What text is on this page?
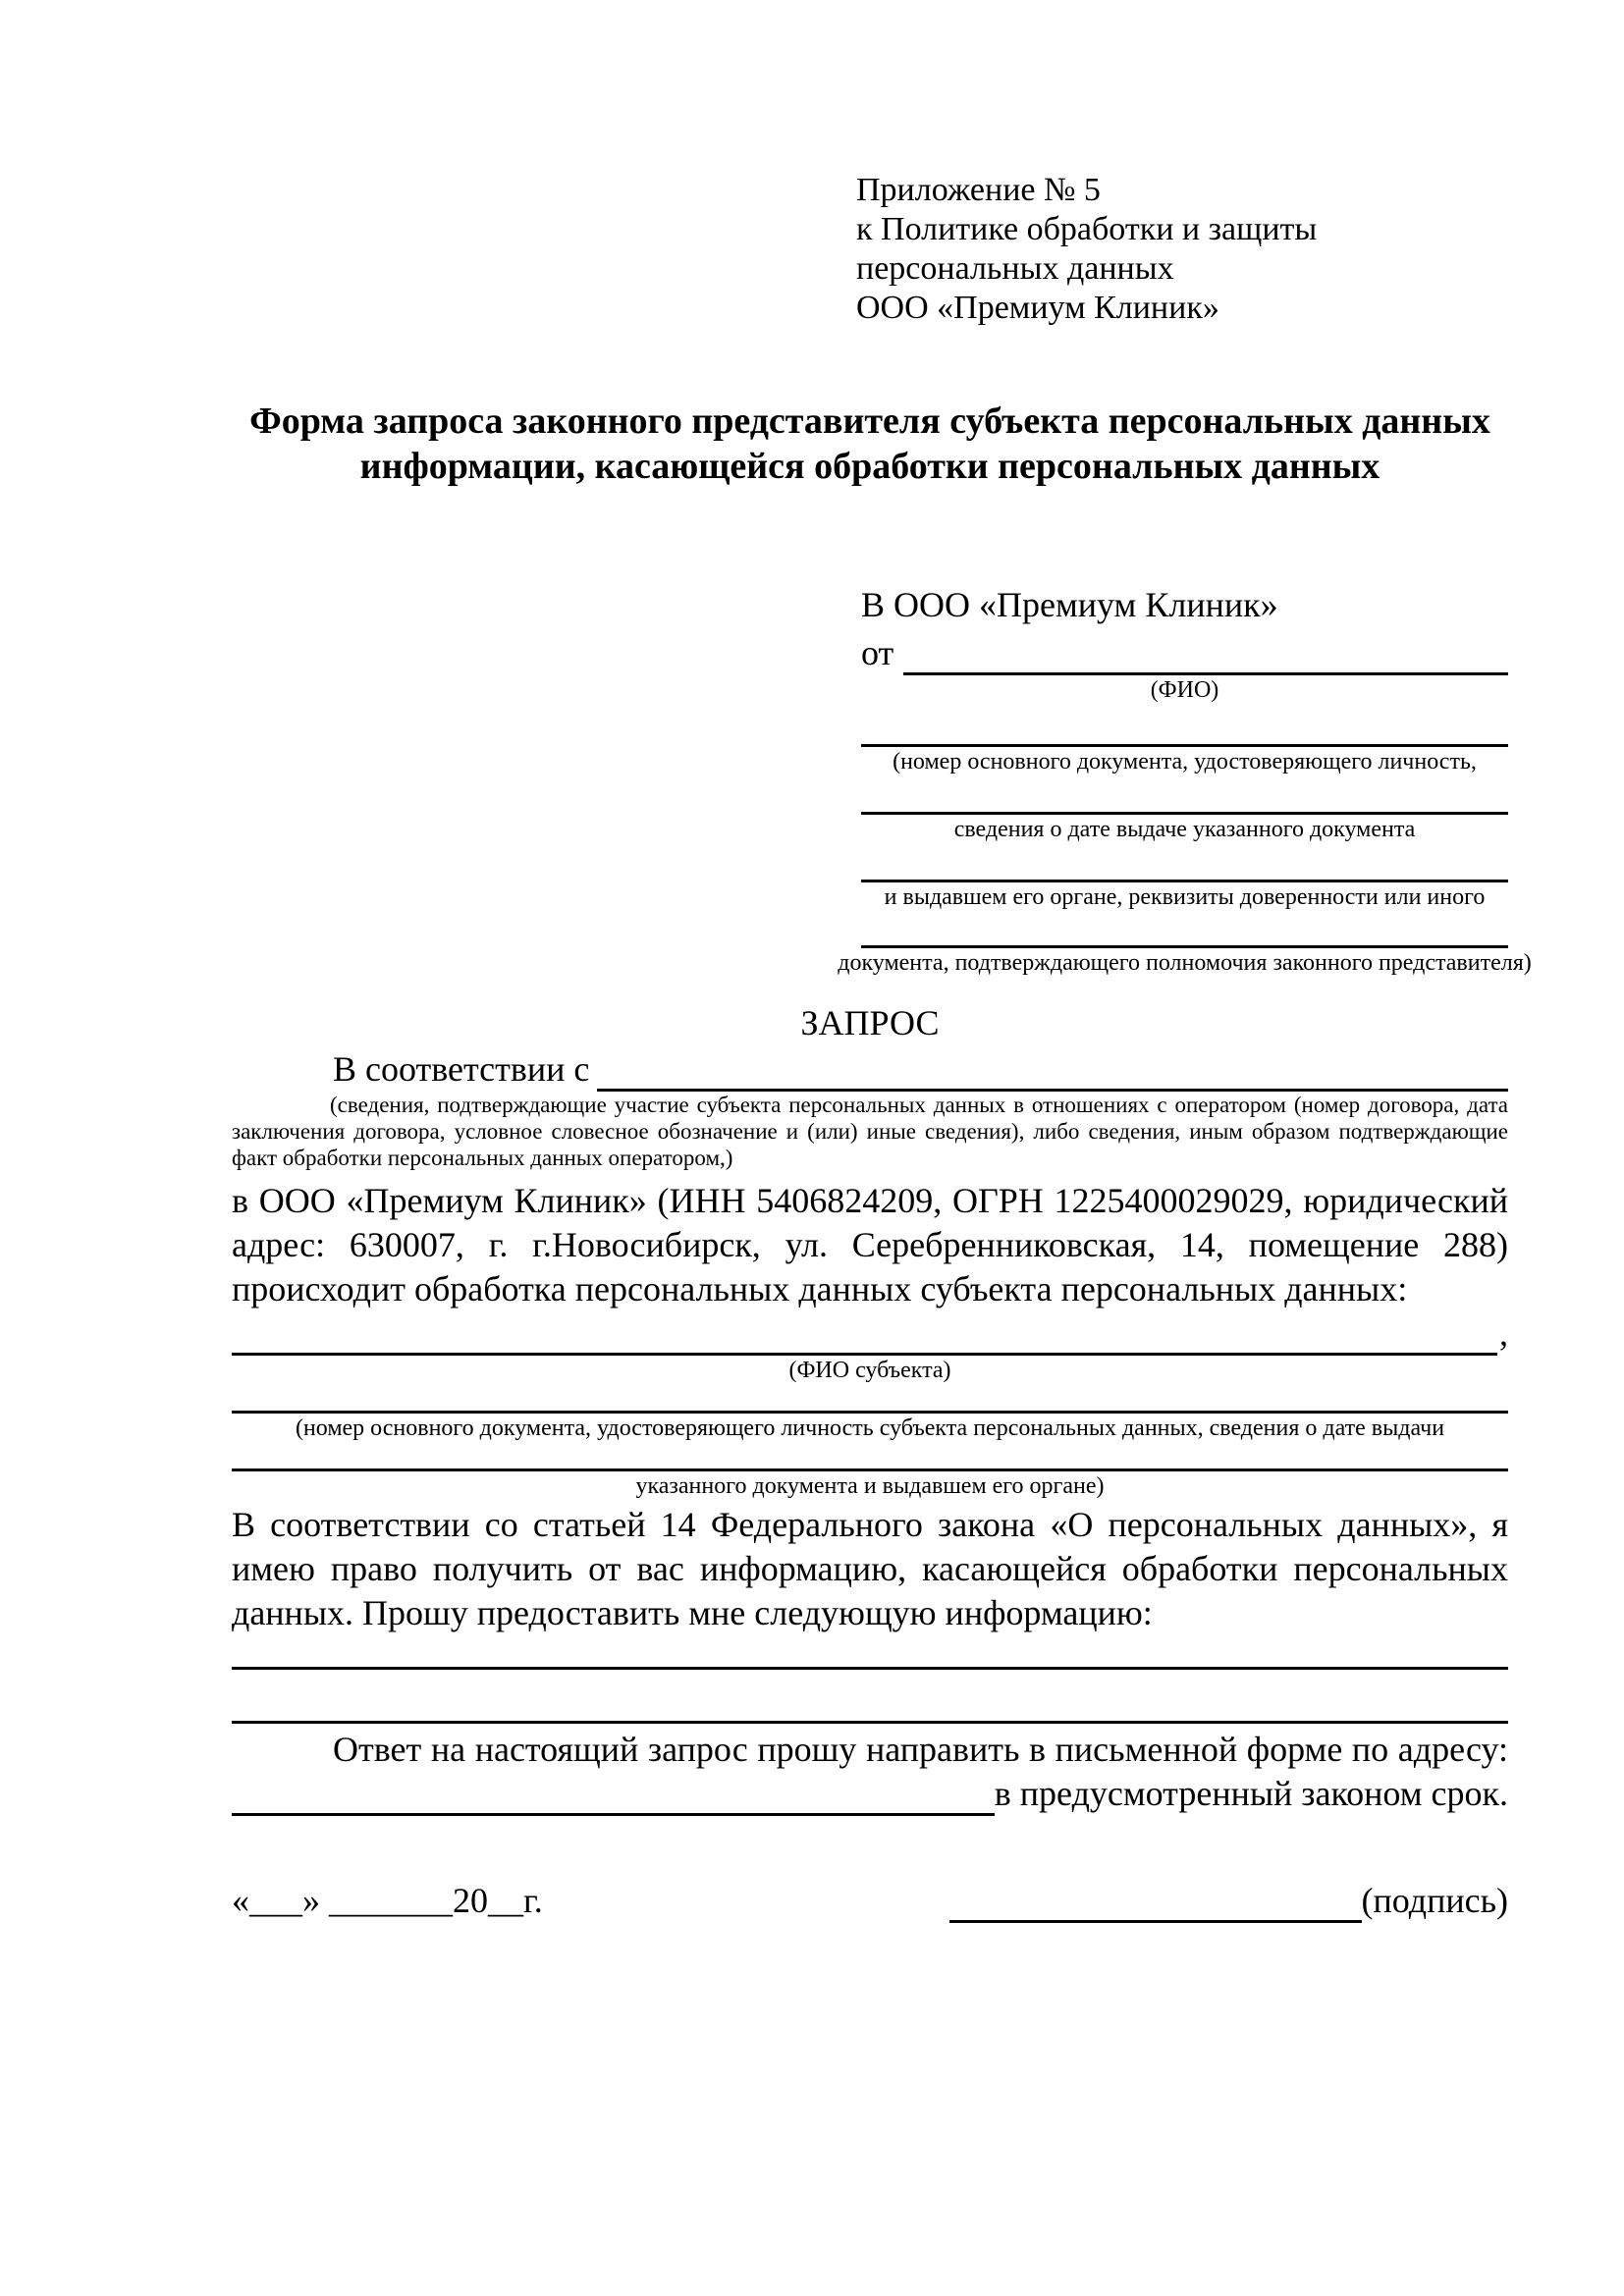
Приложение № 5
к Политике обработки и защиты
персональных данных
ООО «Премиум Клиник»
Форма запроса законного представителя субъекта персональных данных информации, касающейся обработки персональных данных
В ООО «Премиум Клиник»
от
(ФИО)
(номер основного документа, удостоверяющего личность,
сведения о дате выдаче указанного документа
и выдавшем его органе, реквизиты доверенности или иного
документа, подтверждающего полномочия законного представителя)
ЗАПРОС
В соответствии с
(сведения, подтверждающие участие субъекта персональных данных в отношениях с оператором (номер договора, дата заключения договора, условное словесное обозначение и (или) иные сведения), либо сведения, иным образом подтверждающие факт обработки персональных данных оператором,)
в ООО «Премиум Клиник» (ИНН 5406824209, ОГРН 1225400029029, юридический адрес: 630007, г. г.Новосибирск, ул. Серебренниковская, 14, помещение 288) происходит обработка персональных данных субъекта персональных данных:
,
(ФИО субъекта)
(номер основного документа, удостоверяющего личность субъекта персональных данных, сведения о дате выдачи
указанного документа и выдавшем его органе)
В соответствии со статьей 14 Федерального закона «О персональных данных», я имею право получить от вас информацию, касающейся обработки персональных данных. Прошу предоставить мне следующую информацию:
Ответ на настоящий запрос прошу направить в письменной форме по адресу:
в предусмотренный законом срок.
«___» _______20__г.	(подпись)
